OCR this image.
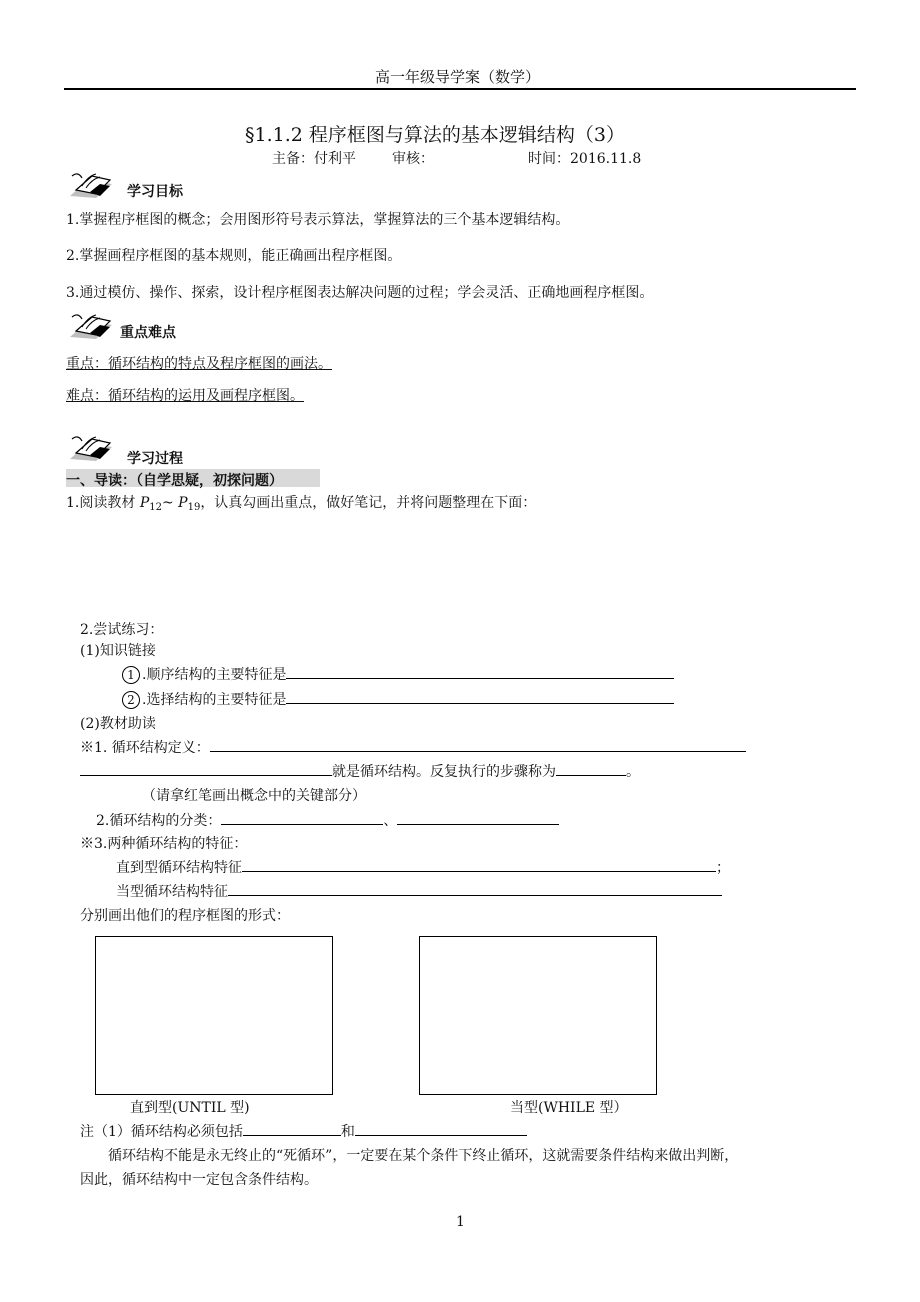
高一年级导学案（数学）
§1.1.2 程序框图与算法的基本逻辑结构（3）
主备：付利平	审核：	时间：2016.11.8
学习目标
1.掌握程序框图的概念；会用图形符号表示算法，掌握算法的三个基本逻辑结构。
2.掌握画程序框图的基本规则，能正确画出程序框图。
3.通过模仿、操作、探索，设计程序框图表达解决问题的过程；学会灵活、正确地画程序框图。
重点难点
重点：循环结构的特点及程序框图的画法。
难点：循环结构的运用及画程序框图。
学习过程
一、导读：（自学思疑，初探问题）
1.阅读教材 $P_{12}\sim$ $P_{19}$，认真勾画出重点，做好笔记，并将问题整理在下面：
2.尝试练习：
(1)知识链接
1 .顺序结构的主要特征是
2 .选择结构的主要特征是
(2)教材助读
※1. 循环结构定义：
就是循环结构。反复执行的步骤称为	。
（请拿红笔画出概念中的关键部分）
2.循环结构的分类：	、
※3.两种循环结构的特征：
直到型循环结构特征	；
当型循环结构特征
分别画出他们的程序框图的形式：
直到型(UNTIL 型)	当型(WHILE 型）
注（1）循环结构必须包括	和
循环结构不能是永无终止的“死循环”，一定要在某个条件下终止循环，这就需要条件结构来做出判断，
因此，循环结构中一定包含条件结构。
1
